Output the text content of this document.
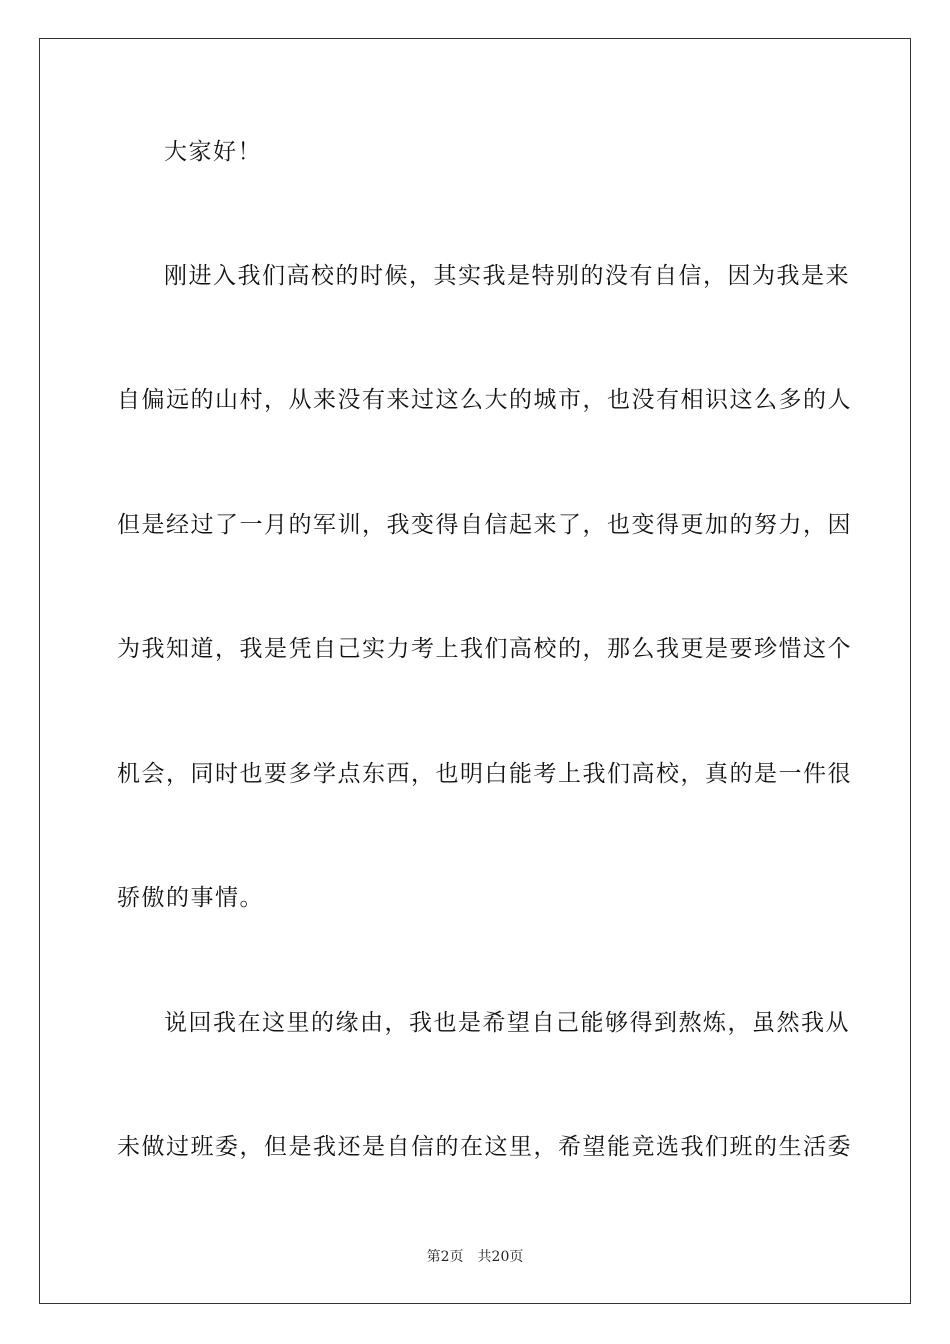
大家好！
刚进入我们高校的时候，其实我是特别的没有自信，因为我是来
自偏远的山村，从来没有来过这么大的城市，也没有相识这么多的人
但是经过了一月的军训，我变得自信起来了，也变得更加的努力，因
为我知道，我是凭自己实力考上我们高校的，那么我更是要珍惜这个
机会，同时也要多学点东西，也明白能考上我们高校，真的是一件很
骄傲的事情。
说回我在这里的缘由，我也是希望自己能够得到熬炼，虽然我从
未做过班委，但是我还是自信的在这里，希望能竞选我们班的生活委
第2页 共20页
